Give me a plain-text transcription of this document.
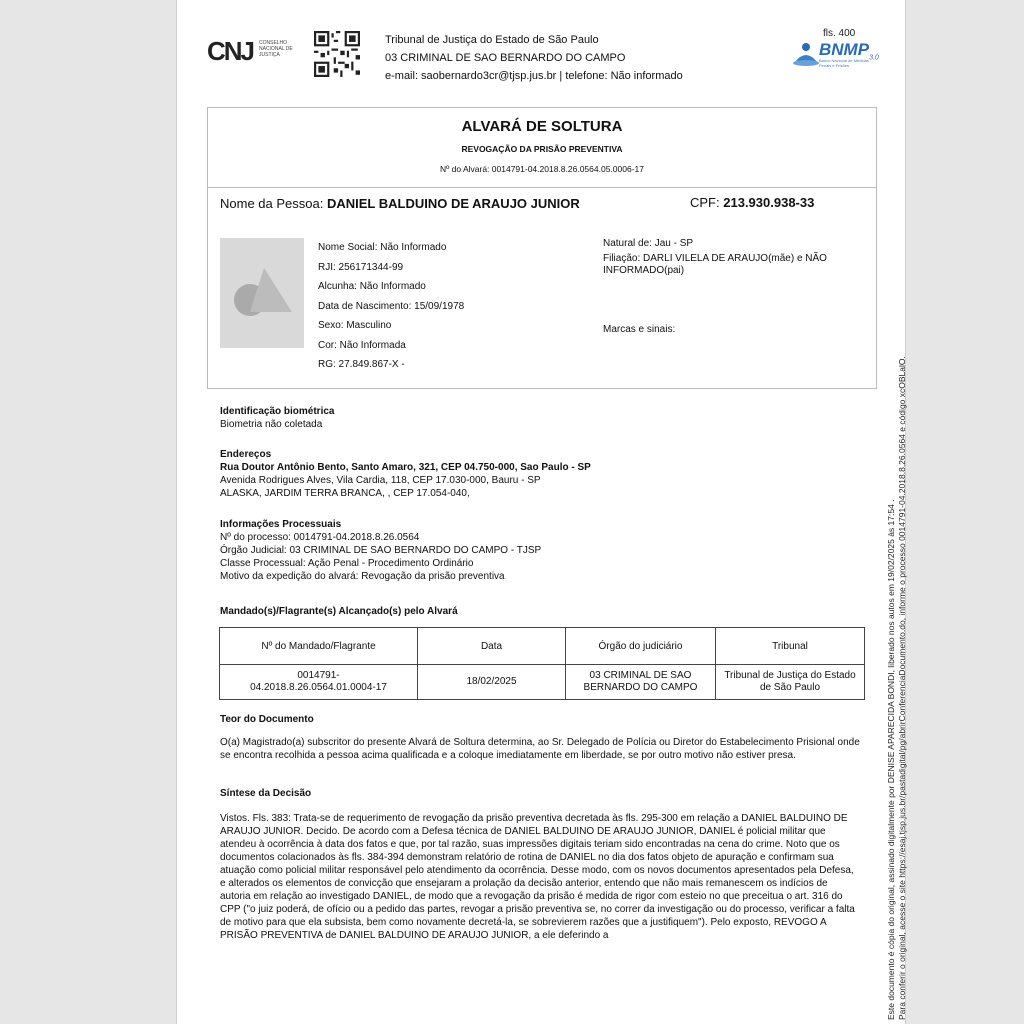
CNJ CONSELHO NACIONAL DE JUSTIÇA
Tribunal de Justiça do Estado de São Paulo
03 CRIMINAL DE SAO BERNARDO DO CAMPO
e-mail: saobernardo3cr@tjsp.jus.br | telefone: Não informado
fls. 400
$BNMP_{3.0}$
Banco Nacional de Medidas Penais e Prisões
ALVARÁ DE SOLTURA
REVOGAÇÃO DA PRISÃO PREVENTIVA
Nº do Alvará: 0014791-04.2018.8.26.0564.05.0006-17
Nome da Pessoa: DANIEL BALDUINO DE ARAUJO JUNIOR	CPF: 213.930.938-33
Nome Social: Não Informado
RJI: 256171344-99
Alcunha: Não Informado
Data de Nascimento: 15/09/1978
Sexo: Masculino
Cor: Não Informada
RG: 27.849.867-X -
Natural de: Jau - SP
Filiação: DARLI VILELA DE ARAUJO(mãe) e NÃO INFORMADO(pai)
Marcas e sinais:
Identificação biométrica
Biometria não coletada
Endereços
Rua Doutor Antônio Bento, Santo Amaro, 321, CEP 04.750-000, Sao Paulo - SP
Avenida Rodrigues Alves, Vila Cardia, 118, CEP 17.030-000, Bauru - SP
ALASKA, JARDIM TERRA BRANCA, , CEP 17.054-040,
Informações Processuais
Nº do processo: 0014791-04.2018.8.26.0564
Órgão Judicial: 03 CRIMINAL DE SAO BERNARDO DO CAMPO - TJSP
Classe Processual: Ação Penal - Procedimento Ordinário
Motivo da expedição do alvará: Revogação da prisão preventiva
Mandado(s)/Flagrante(s) Alcançado(s) pelo Alvará
Nº do Mandado/Flagrante	Data	Órgão do judiciário	Tribunal

0014791-
04.2018.8.26.0564.01.0004-17	18/02/2025	03 CRIMINAL DE SAO BERNARDO DO CAMPO	Tribunal de Justiça do Estado de São Paulo
Teor do Documento
O(a) Magistrado(a) subscritor do presente Alvará de Soltura determina, ao Sr. Delegado de Polícia ou Diretor do Estabelecimento Prisional onde se encontra recolhida a pessoa acima qualificada e a coloque imediatamente em liberdade, se por outro motivo não estiver presa.
Síntese da Decisão
Vistos. Fls. 383: Trata-se de requerimento de revogação da prisão preventiva decretada às fls. 295-300 em relação a DANIEL BALDUINO DE ARAUJO JUNIOR. Decido. De acordo com a Defesa técnica de DANIEL BALDUINO DE ARAUJO JUNIOR, DANIEL é policial militar que atendeu à ocorrência à data dos fatos e que, por tal razão, suas impressões digitais teriam sido encontradas na cena do crime. Noto que os documentos colacionados às fls. 384-394 demonstram relatório de rotina de DANIEL no dia dos fatos objeto de apuração e confirmam sua atuação como policial militar responsável pelo atendimento da ocorrência. Desse modo, com os novos documentos apresentados pela Defesa, e alterados os elementos de convicção que ensejaram a prolação da decisão anterior, entendo que não mais remanescem os indícios de autoria em relação ao investigado DANIEL, de modo que a revogação da prisão é medida de rigor com esteio no que preceitua o art. 316 do CPP ("o juiz poderá, de ofício ou a pedido das partes, revogar a prisão preventiva se, no correr da investigação ou do processo, verificar a falta de motivo para que ela subsista, bem como novamente decretá-la, se sobrevierem razões que a justifiquem"). Pelo exposto, REVOGO A PRISÃO PREVENTIVA de DANIEL BALDUINO DE ARAUJO JUNIOR, a ele deferindo a	Este documento é cópia do original, assinado digitalmente por DENISE APARECIDA BONDI, liberado nos autos em 19/02/2025 às 17:54 . Para conferir o original, acesse o site https://esaj.tjsp.jus.br/pastadigital/pg/abrirConferenciaDocumento.do, informe o processo 0014791-04.2018.8.26.0564 e código xcOBLalO.
